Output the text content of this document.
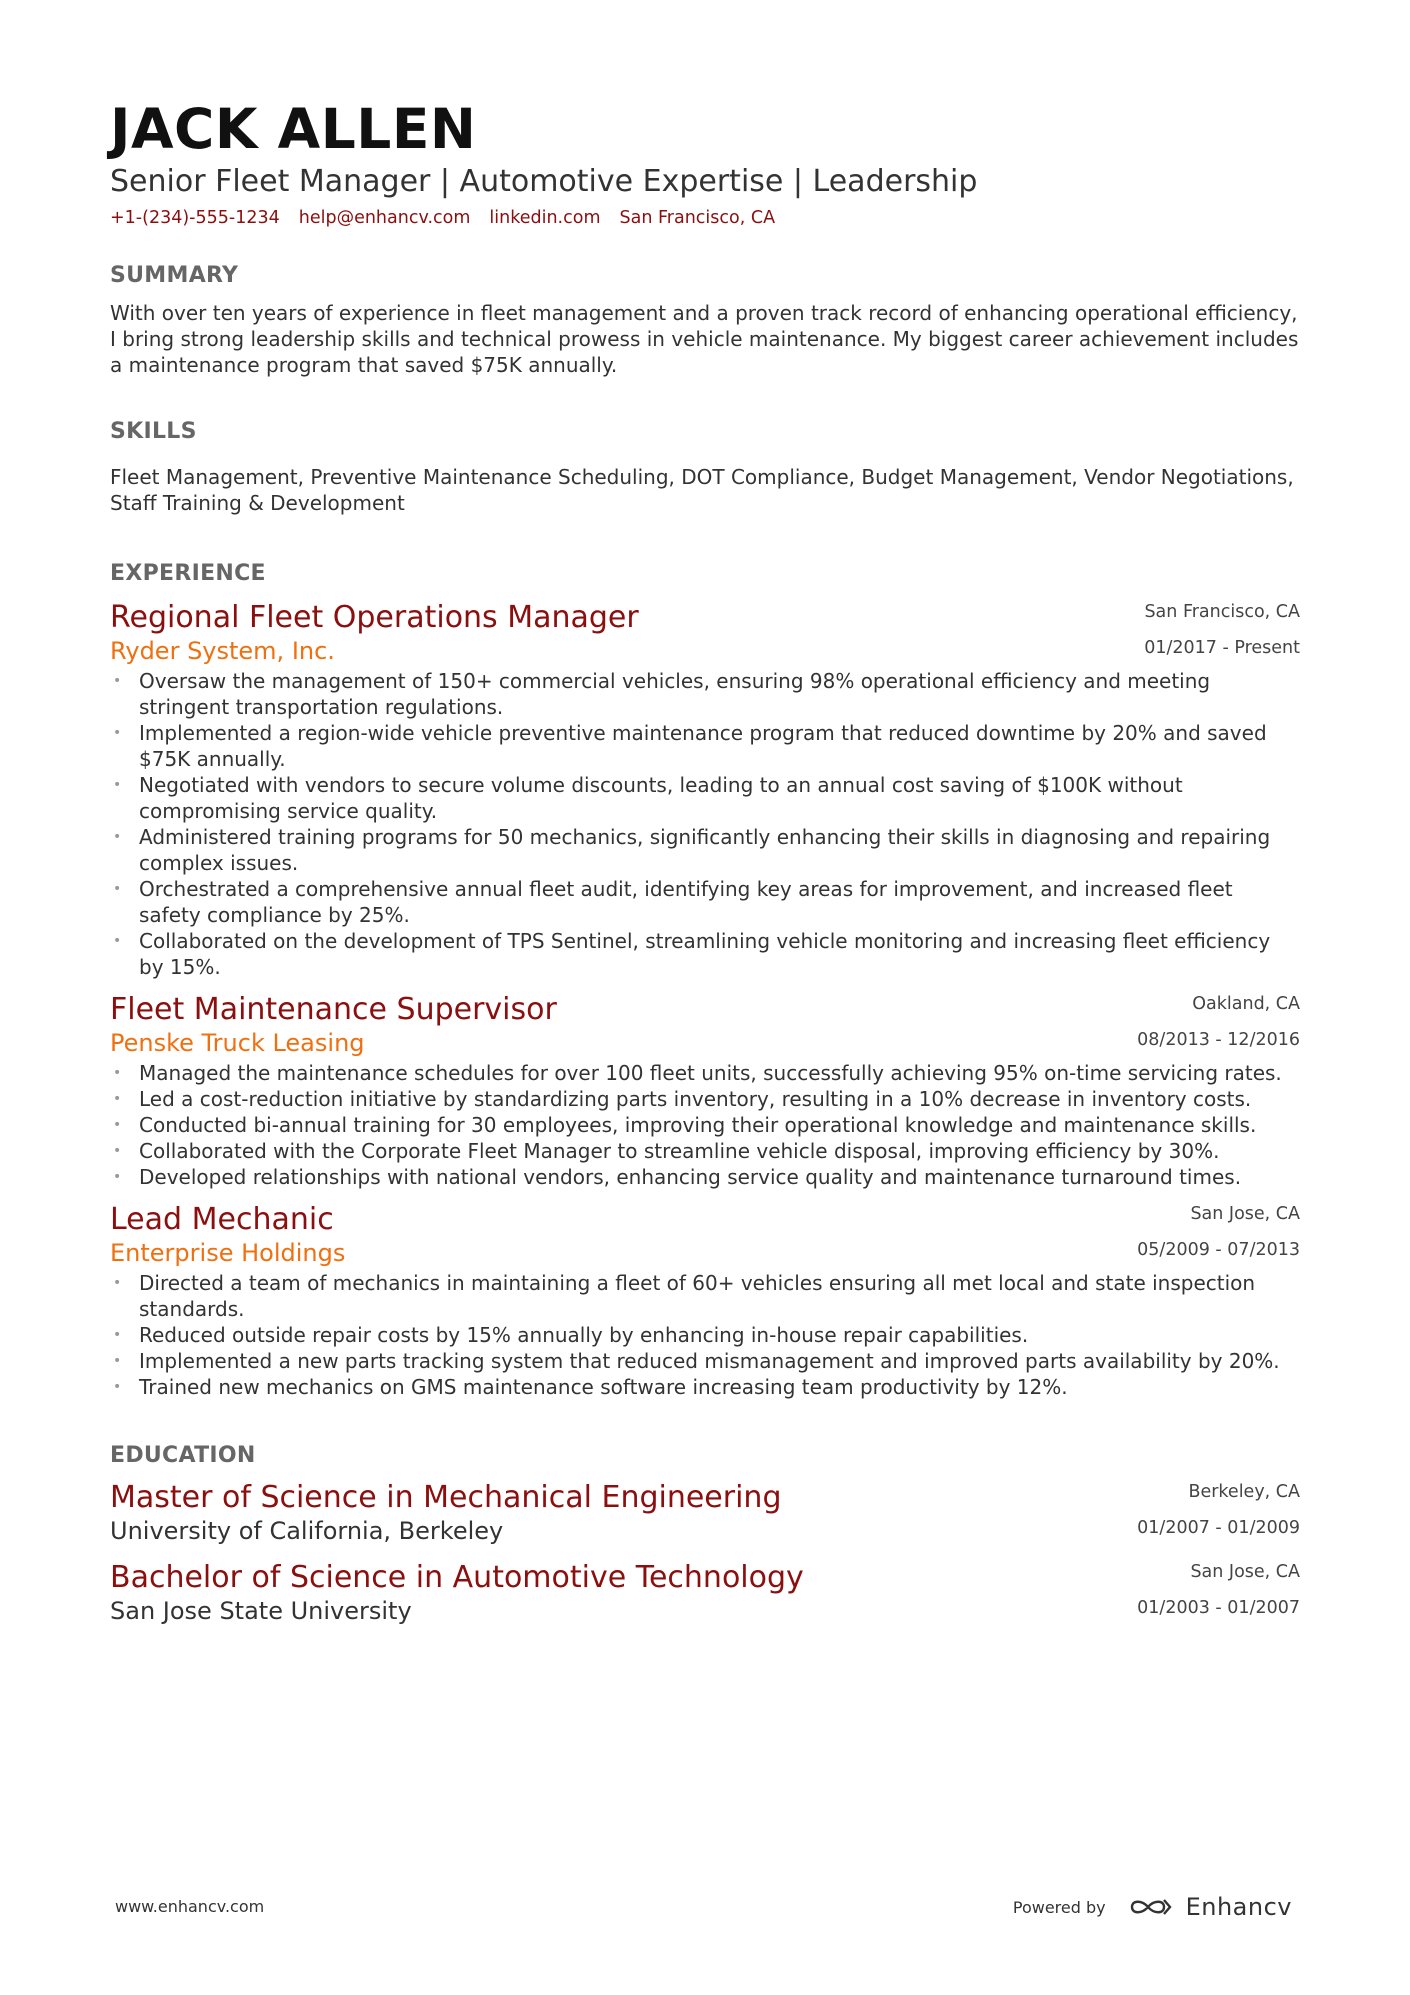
JACK ALLEN

Senior Fleet Manager | Automotive Expertise | Leadership

+1-(234)-555-1234 help@enhancv.com linkedin.com San Francisco, CA
SUMMARY

With over ten years of experience in fleet management and a proven track record of enhancing operational efficiency, I bring strong leadership skills and technical prowess in vehicle maintenance. My biggest career achievement includes a maintenance program that saved $75K annually.

SKILLS

Fleet Management, Preventive Maintenance Scheduling, DOT Compliance, Budget Management, Vendor Negotiations, Staff Training & Development

EXPERIENCE
Regional Fleet Operations Manager
Ryder System, Inc.
San Francisco, CA
01/2017 - Present
• Oversaw the management of 150+ commercial vehicles, ensuring 98% operational efficiency and meeting stringent transportation regulations.
• Implemented a region-wide vehicle preventive maintenance program that reduced downtime by 20% and saved $75K annually.
• Negotiated with vendors to secure volume discounts, leading to an annual cost saving of $100K without compromising service quality.
• Administered training programs for 50 mechanics, significantly enhancing their skills in diagnosing and repairing complex issues.
• Orchestrated a comprehensive annual fleet audit, identifying key areas for improvement, and increased fleet safety compliance by 25%.
• Collaborated on the development of TPS Sentinel, streamlining vehicle monitoring and increasing fleet efficiency by 15%.
Fleet Maintenance Supervisor
Penske Truck Leasing
Oakland, CA
08/2013 - 12/2016
• Managed the maintenance schedules for over 100 fleet units, successfully achieving 95% on-time servicing rates.
• Led a cost-reduction initiative by standardizing parts inventory, resulting in a 10% decrease in inventory costs.
• Conducted bi-annual training for 30 employees, improving their operational knowledge and maintenance skills.
• Collaborated with the Corporate Fleet Manager to streamline vehicle disposal, improving efficiency by 30%.
• Developed relationships with national vendors, enhancing service quality and maintenance turnaround times.
Lead Mechanic
Enterprise Holdings
San Jose, CA
05/2009 - 07/2013
• Directed a team of mechanics in maintaining a fleet of 60+ vehicles ensuring all met local and state inspection standards.
• Reduced outside repair costs by 15% annually by enhancing in-house repair capabilities.
• Implemented a new parts tracking system that reduced mismanagement and improved parts availability by 20%.
• Trained new mechanics on GMS maintenance software increasing team productivity by 12%.
EDUCATION
Master of Science in Mechanical Engineering
University of California, Berkeley
Berkeley, CA
01/2007 - 01/2009
Bachelor of Science in Automotive Technology
San Jose State University
San Jose, CA
01/2003 - 01/2007
www.enhancv.com	Powered by	Enhancv
